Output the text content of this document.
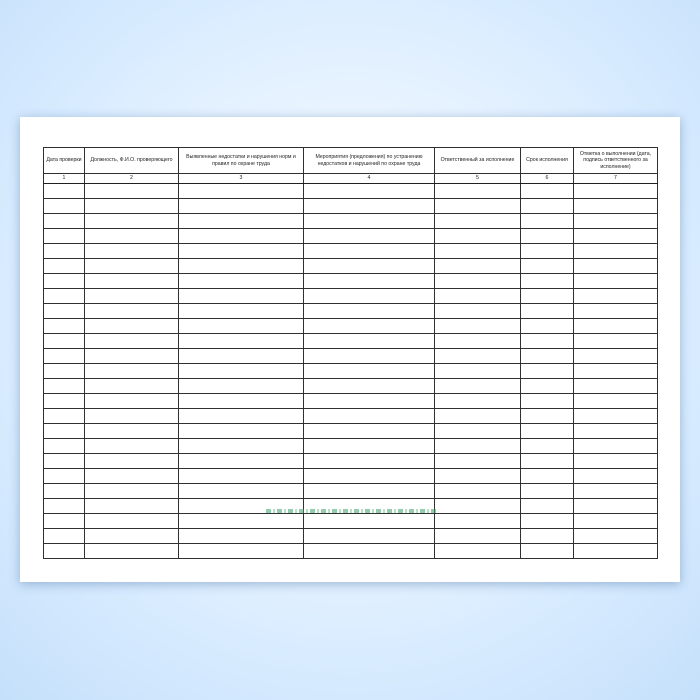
Дата проверки	Должность, Ф.И.О. проверяющего	Выявленные недостатки и нарушения норм и правил по охране труда	Мероприятия (предложения) по устранению недостатков и нарушений по охране труда	Ответственный за исполнение	Срок исполнения	Отметка о выполнении (дата, подпись ответственного за исполнение)
1	2	3	4	5	6	7
